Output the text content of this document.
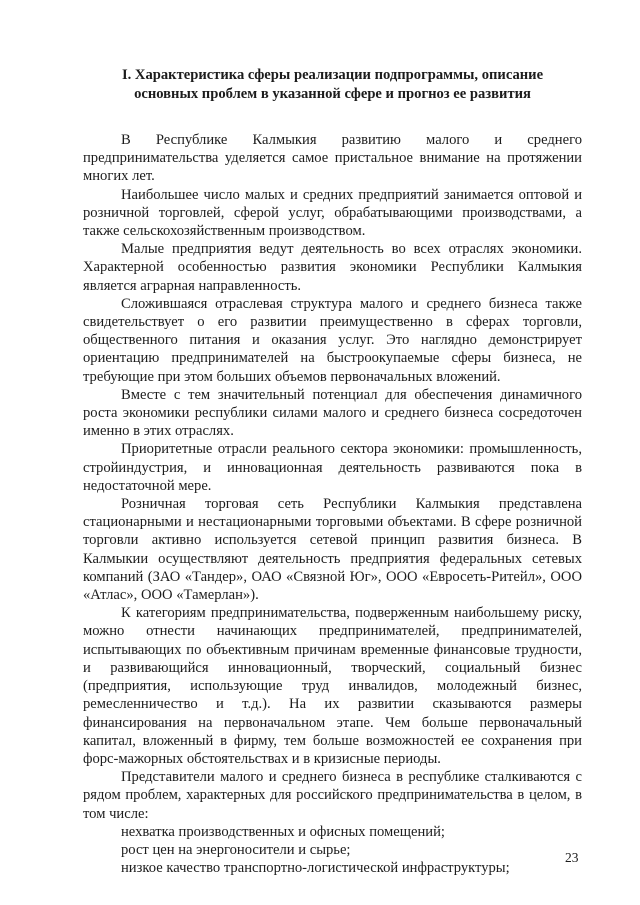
I. Характеристика сферы реализации подпрограммы, описание основных проблем в указанной сфере и прогноз ее развития

В Республике Калмыкия развитию малого и среднего предпринимательства уделяется самое пристальное внимание на протяжении многих лет.

Наибольшее число малых и средних предприятий занимается оптовой и розничной торговлей, сферой услуг, обрабатывающими производствами, а также сельскохозяйственным производством.

Малые предприятия ведут деятельность во всех отраслях экономики. Характерной особенностью развития экономики Республики Калмыкия является аграрная направленность.

Сложившаяся отраслевая структура малого и среднего бизнеса также свидетельствует о его развитии преимущественно в сферах торговли, общественного питания и оказания услуг. Это наглядно демонстрирует ориентацию предпринимателей на быстроокупаемые сферы бизнеса, не требующие при этом больших объемов первоначальных вложений.

Вместе с тем значительный потенциал для обеспечения динамичного роста экономики республики силами малого и среднего бизнеса сосредоточен именно в этих отраслях.

Приоритетные отрасли реального сектора экономики: промышленность, стройиндустрия, и инновационная деятельность развиваются пока в недостаточной мере.

Розничная торговая сеть Республики Калмыкия представлена стационарными и нестационарными торговыми объектами. В сфере розничной торговли активно используется сетевой принцип развития бизнеса. В Калмыкии осуществляют деятельность предприятия федеральных сетевых компаний (ЗАО «Тандер», ОАО «Связной Юг», ООО «Евросеть-Ритейл», ООО «Атлас», ООО «Тамерлан»).

К категориям предпринимательства, подверженным наибольшему риску, можно отнести начинающих предпринимателей, предпринимателей, испытывающих по объективным причинам временные финансовые трудности, и развивающийся инновационный, творческий, социальный бизнес (предприятия, использующие труд инвалидов, молодежный бизнес, ремесленничество и т.д.). На их развитии сказываются размеры финансирования на первоначальном этапе. Чем больше первоначальный капитал, вложенный в фирму, тем больше возможностей ее сохранения при форс-мажорных обстоятельствах и в кризисные периоды.

Представители малого и среднего бизнеса в республике сталкиваются с рядом проблем, характерных для российского предпринимательства в целом, в том числе:

нехватка производственных и офисных помещений;

рост цен на энергоносители и сырье;

низкое качество транспортно-логистической инфраструктуры;

23
